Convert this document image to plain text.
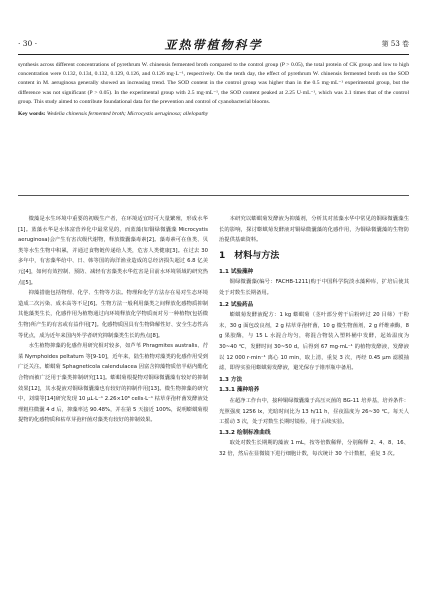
· 30 ·	亚热带植物科学	第 53 卷

synthesis across different concentrations of pyrethrum W. chinensis fermented broth compared to the control group (P > 0.05), the total protein of CK group and low to high concentration were 0.132, 0.134, 0.132, 0.129, 0.126, and 0.126 mg·L⁻¹, respectively. On the tenth day, the effect of pyrethrum W. chinensis fermented broth on the SOD content in M. aeruginosa generally showed an increasing trend. The SOD content in the control group was higher than in the 0.5 mg·mL⁻¹ experimental group, but the difference was not significant (P > 0.05). In the experimental group with 2.5 mg·mL⁻¹, the SOD content peaked at 2.25 U·mL⁻¹, which was 2.1 times that of the control group. This study aimed to contribute foundational data for the prevention and control of cyanobacterial blooms.

Key words: Wedelia chinensis fermented broth; Microcystis aeruginosa; allelopathy

微藻是水生环境中重要的初级生产者，在环境适宜时可大量繁殖，形成水华[1]。蓝藻水华是水体富营养化中最常见的，而蓝藻(如铜绿微囊藻 Microcystis aeruginosa)会产生有害次级代谢物，释放微囊藻毒素[2]。藻毒素可在鱼类、贝类等水生生物中积累，并通过食物链传递给人类，危害人类健康[3]。在过去 30 多年中，有害藻华给中、日、韩等国的海洋渔业造成的总经济损失超过 6.8 亿美元[4]，如何有效控制、预防、减轻有害藻类水华危害是目前水环境领域的研究热点[5]。

抑藻措施包括物理、化学、生物等方法。物理和化学方法存在易对生态环境造成二次污染、成本高等不足[6]。生物方法一般利用藻类之间释放化感物质抑制其他藻类生长，化感作用为植物通过向环境释放化学物质而对另一种植物(包括微生物)所产生的有害或有益作用[7]。化感物质因具有生物降解性好、安全生态性高等优点，成为近年来国内外学者研究抑制藻类生长的热点[8]。

水生植物抑藻的化感作用研究相对较多，如芦苇 Phragmites australis、荇菜 Nymphoides peltatum 等[9-10]，近年来，陆生植物对藻类的化感作用受到广泛关注。蟛蜞菊 Sphagneticola calendulacea 因富含抑藻物质倍半萜内酯化合物而被广泛用于藻类抑制研究[11]。蟛蜞菊根提物对铜绿微囊藻有较好的抑制效果[12]，其水提液对铜绿微囊藻也有较好的抑制作用[13]。微生物抑藻的研究中，刘瑞等[14]研究发现 10 μL·L⁻¹ 2.26×10⁸ cells·L⁻¹ 枯草芽孢杆菌发酵液处理粗柱微囊 4 d 后，抑藻率达 90.48%，并在第 5 天接近 100%，说明蟛蜞菊根提物的化感物质和枯草芽孢杆菌对藻类有较好的抑制效果。

本研究以蟛蜞菊发酵液为抑藻剂，分析其对蓝藻水华中常见的铜绿微囊藻生长的影响，探讨蟛蜞菊发酵液对铜绿微囊藻的化感作用，为铜绿微囊藻的生物防治提供基础资料。

1　材料与方法
1.1 试验藻种

铜绿微囊藻(编号：FACHB-1211)购于中国科学院淡水藻种库，扩培后使其处于对数生长期备用。

1.2 试验药品

蟛蜞菊发酵液配方：1 kg 蟛蜞菊（茎叶部分剪干后粉碎过 20 目筛）干粉末，30 g 面包改良剂，2 g 枯草芽孢杆菌，10 g 微生物菌剂，2 g 纤维素酶，8 g 果胶酶，与 15 L 水混合均匀，将混合物装入塑料桶中发酵，起始温度为 30~40 ℃，发酵时间 30~50 d。后得到 67 mg·mL⁻¹ 的植物发酵液，发酵液以 12 000 r·min⁻¹ 离心 10 min，取上清，重复 3 次，再经 0.45 μm 滤膜抽滤，即得实验用蟛蜞菊发酵液，避光保存于锥形瓶中备用。

1.3 方法
1.3.1 藻种培养

在超净工作台中，接种铜绿微囊藻于高压灭菌的 BG-11 培养基，培养条件：光照强度 1256 lx，光暗时间比为 13 h/11 h，昼夜温度为 26~30 ℃。每天人工摇动 3 次，处于对数生长期时镜检，用于后续实验。

1.3.2 绘制标准曲线

取处对数生长期期的藻液 1 mL，按等倍数稀释，分别稀释 2、4、8、16、32 倍，然后在显微镜下进行细胞计数，每次统计 30 个计数框，重复 3 次。
